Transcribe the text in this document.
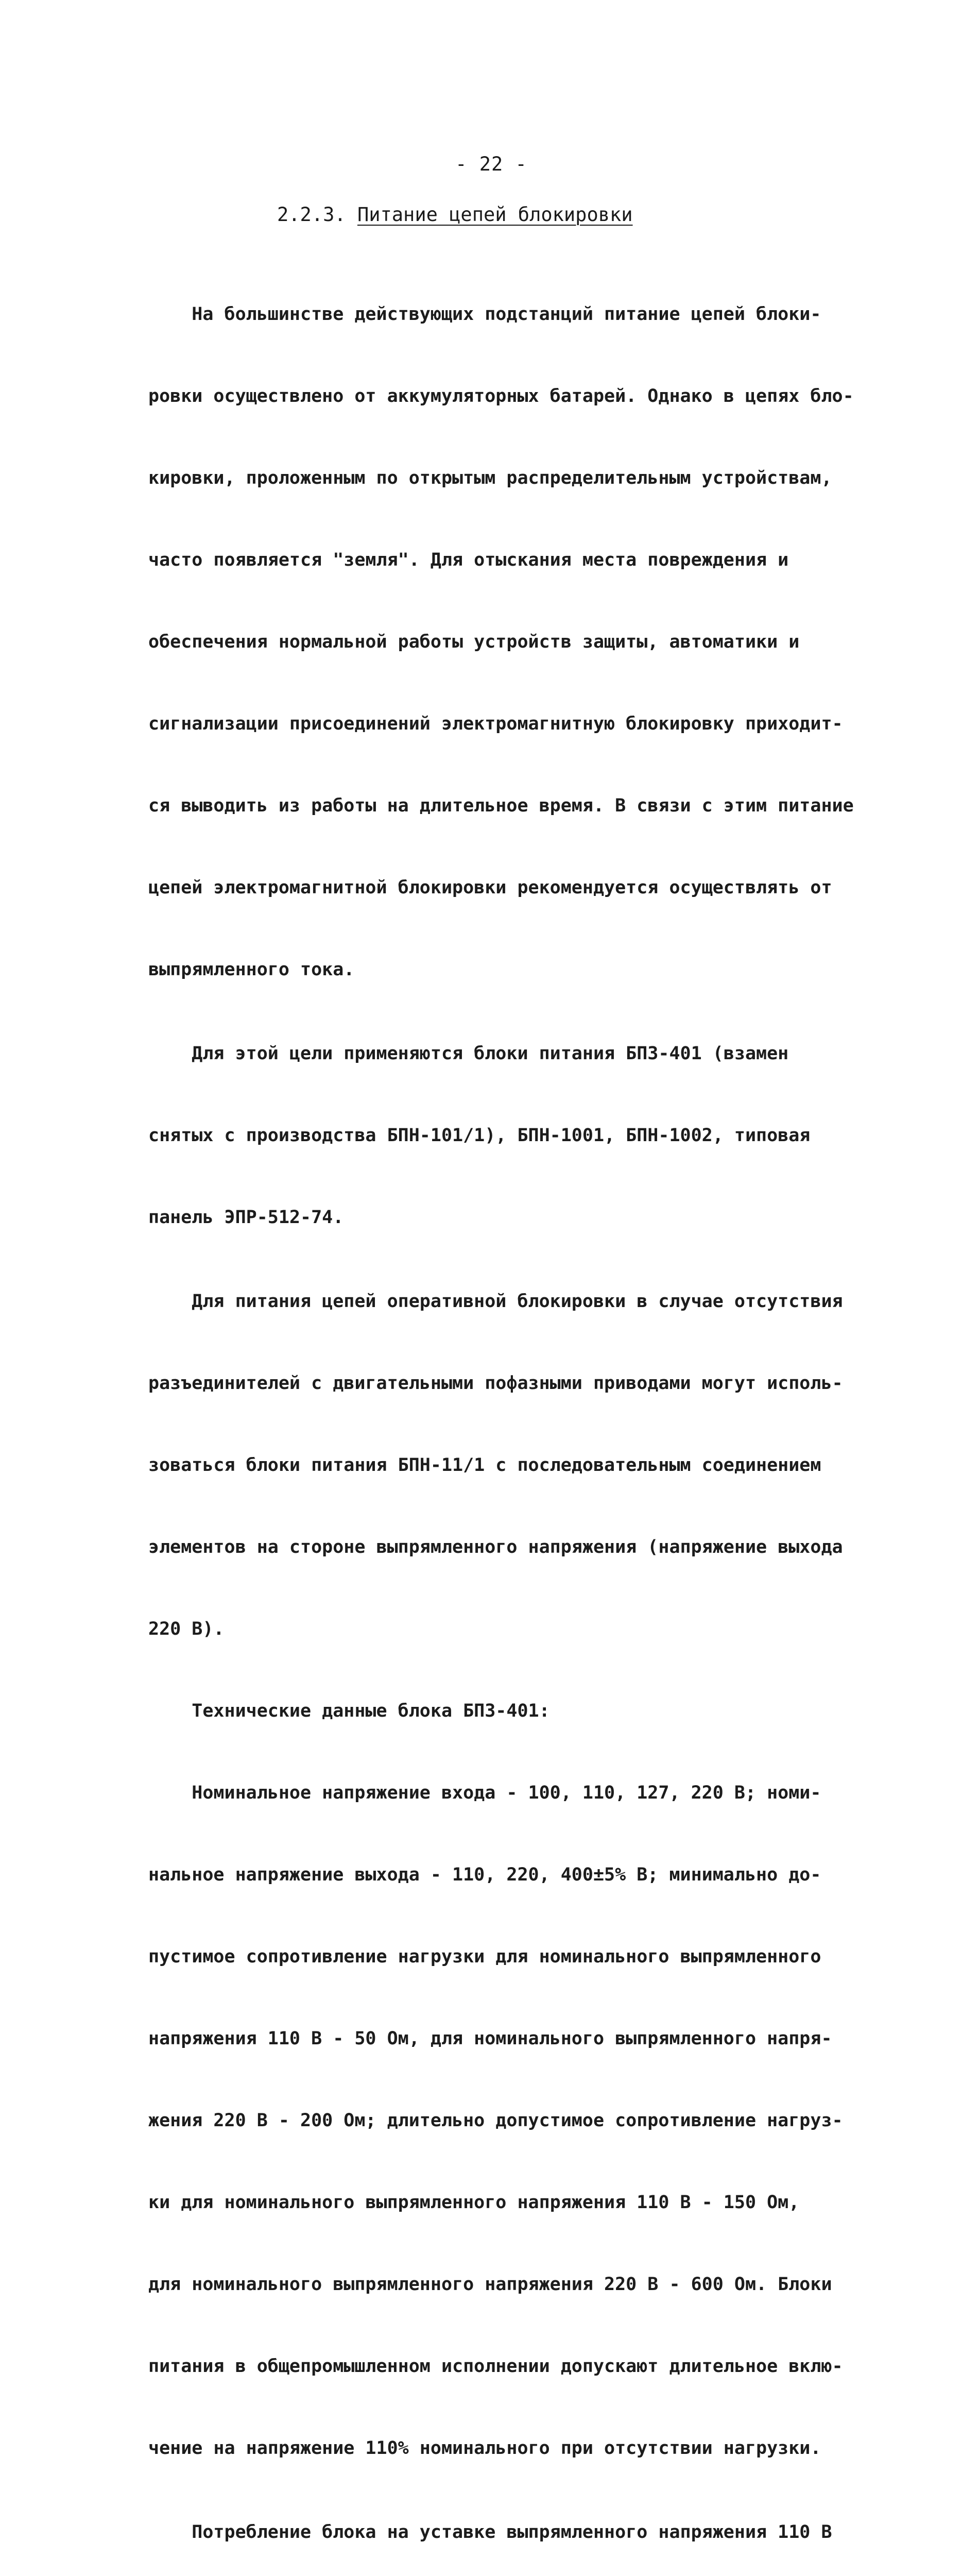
- 22 -
2.2.3. Питание цепей блокировки

На большинстве действующих подстанций питание цепей блоки-

ровки осуществлено от аккумуляторных батарей. Однако в цепях бло-

кировки, проложенным по открытым распределительным устройствам,

часто появляется "земля". Для отыскания места повреждения и

обеспечения нормальной работы устройств защиты, автоматики и

сигнализации присоединений электромагнитную блокировку приходит-

ся выводить из работы на длительное время. В связи с этим питание

цепей электромагнитной блокировки рекомендуется осуществлять от

выпрямленного тока.

Для этой цели применяются блоки питания БПЗ-401 (взамен

снятых с производства БПН-101/1), БПН-1001, БПН-1002, типовая

панель ЭПР-512-74.

Для питания цепей оперативной блокировки в случае отсутствия

разъединителей с двигательными пофазными приводами могут исполь-

зоваться блоки питания БПН-11/1 с последовательным соединением

элементов на стороне выпрямленного напряжения (напряжение выхода

220 В).

Технические данные блока БПЗ-401:

Номинальное напряжение входа - 100, 110, 127, 220 В; номи-

нальное напряжение выхода - 110, 220, 400±5% В; минимально до-

пустимое сопротивление нагрузки для номинального выпрямленного

напряжения 110 В - 50 Ом, для номинального выпрямленного напря-

жения 220 В - 200 Ом; длительно допустимое сопротивление нагруз-

ки для номинального выпрямленного напряжения 110 В - 150 Ом,

для номинального выпрямленного напряжения 220 В - 600 Ом. Блоки

питания в общепромышленном исполнении допускают длительное вклю-

чение на напряжение 110% номинального при отсутствии нагрузки.

Потребление блока на уставке выпрямленного напряжения 110 В
